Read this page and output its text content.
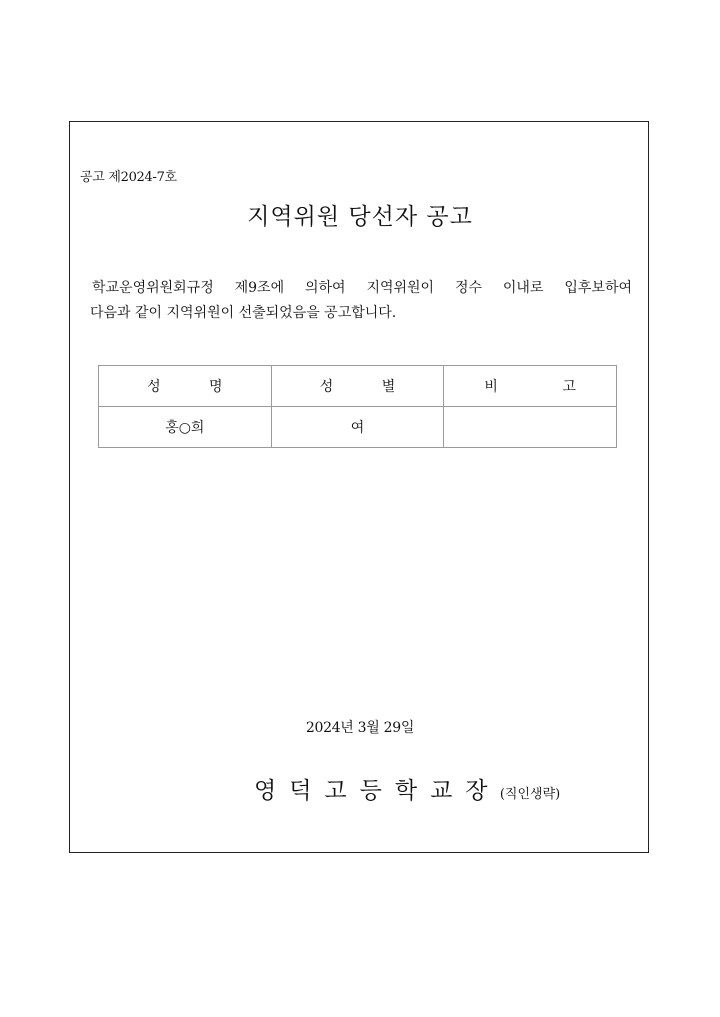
공고 제2024-7호
지역위원 당선자 공고
학교운영위원회규정 제9조에 의하여 지역위원이 정수 이내로 입후보하여
다음과 같이 지역위원이 선출되었음을 공고합니다.
성 명	성 별	비 고
홍○희	여	
2024년 3월 29일
영덕고등학교장 (직인생략)
